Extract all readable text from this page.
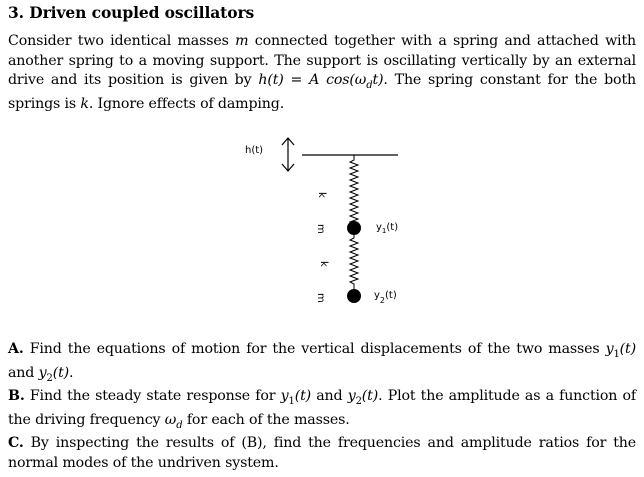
3. Driven coupled oscillators
Consider two identical masses m connected together with a spring and attached with another spring to a moving support. The support is oscillating vertically by an external drive and its position is given by h(t) = A $\cos(\omega_dt)$. The spring constant for the both springs is k. Ignore effects of damping.
h(t)
k
m
k
m
$y_1(t)$
$y_2(t)$
A. Find the equations of motion for the vertical displacements of the two masses $y_1(t)$ and $y_2(t)$.
B. Find the steady state response for $y_1(t)$ and $y_2(t)$. Plot the amplitude as a function of the driving frequency $\omega_d$ for each of the masses.
C. By inspecting the results of (B), find the frequencies and amplitude ratios for the normal modes of the undriven system.
